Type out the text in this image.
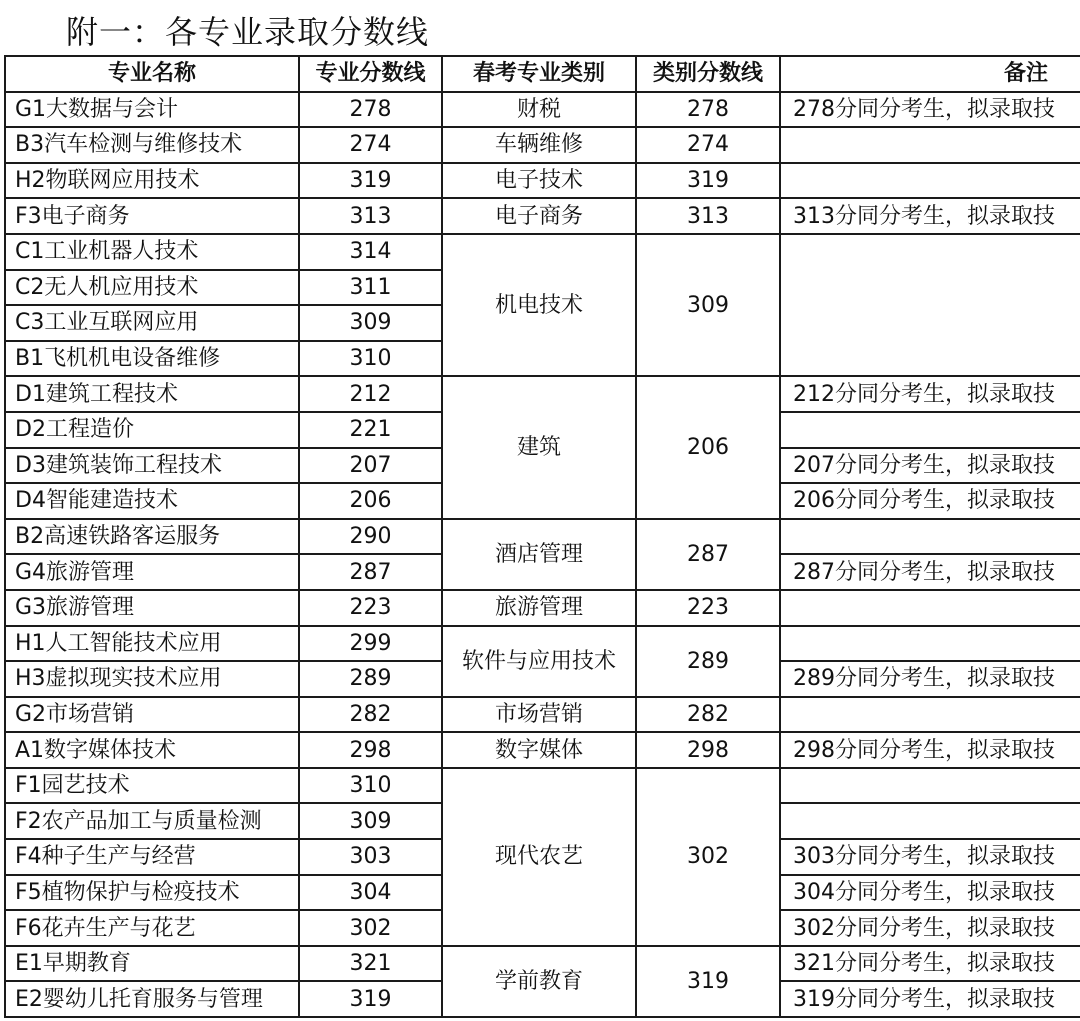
附一：各专业录取分数线
专业名称	专业分数线	春考专业类别	类别分数线	备注
G1大数据与会计	278	财税	278	278分同分考生，拟录取技
B3汽车检测与维修技术	274	车辆维修	274	
H2物联网应用技术	319	电子技术	319	
F3电子商务	313	电子商务	313	313分同分考生，拟录取技
C1工业机器人技术	314	机电技术	309	
C2无人机应用技术	311			
C3工业互联网应用	309			
B1飞机机电设备维修	310			
D1建筑工程技术	212	建筑	206	212分同分考生，拟录取技
D2工程造价	221			
D3建筑装饰工程技术	207			207分同分考生，拟录取技
D4智能建造技术	206			206分同分考生，拟录取技
B2高速铁路客运服务	290	酒店管理	287	
G4旅游管理	287			287分同分考生，拟录取技
G3旅游管理	223	旅游管理	223	
H1人工智能技术应用	299	软件与应用技术	289	
H3虚拟现实技术应用	289			289分同分考生，拟录取技
G2市场营销	282	市场营销	282	
A1数字媒体技术	298	数字媒体	298	298分同分考生，拟录取技
F1园艺技术	310	现代农艺	302	
F2农产品加工与质量检测	309			
F4种子生产与经营	303			303分同分考生，拟录取技
F5植物保护与检疫技术	304			304分同分考生，拟录取技
F6花卉生产与花艺	302			302分同分考生，拟录取技
E1早期教育	321	学前教育	319	321分同分考生，拟录取技
E2婴幼儿托育服务与管理	319			319分同分考生，拟录取技
